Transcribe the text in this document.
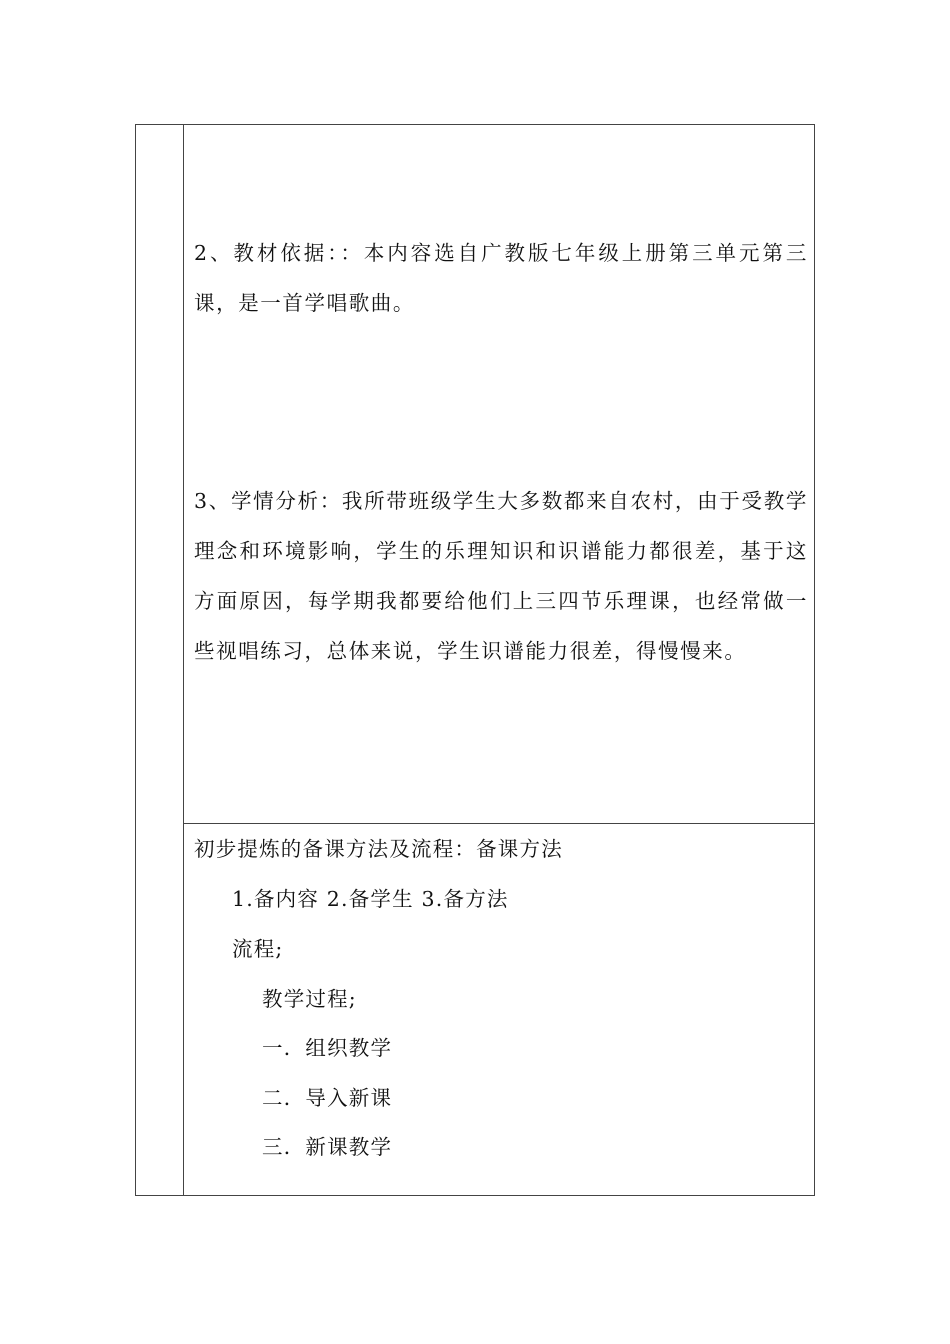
2、教材依据：：本内容选自广教版七年级上册第三单元第三课，是一首学唱歌曲。

3、学情分析：我所带班级学生大多数都来自农村，由于受教学理念和环境影响，学生的乐理知识和识谱能力都很差，基于这方面原因，每学期我都要给他们上三四节乐理课，也经常做一些视唱练习，总体来说，学生识谱能力很差，得慢慢来。

初步提炼的备课方法及流程：备课方法
1.备内容 2.备学生 3.备方法
流程;
教学过程;
一．组织教学
二．导入新课
三．新课教学
